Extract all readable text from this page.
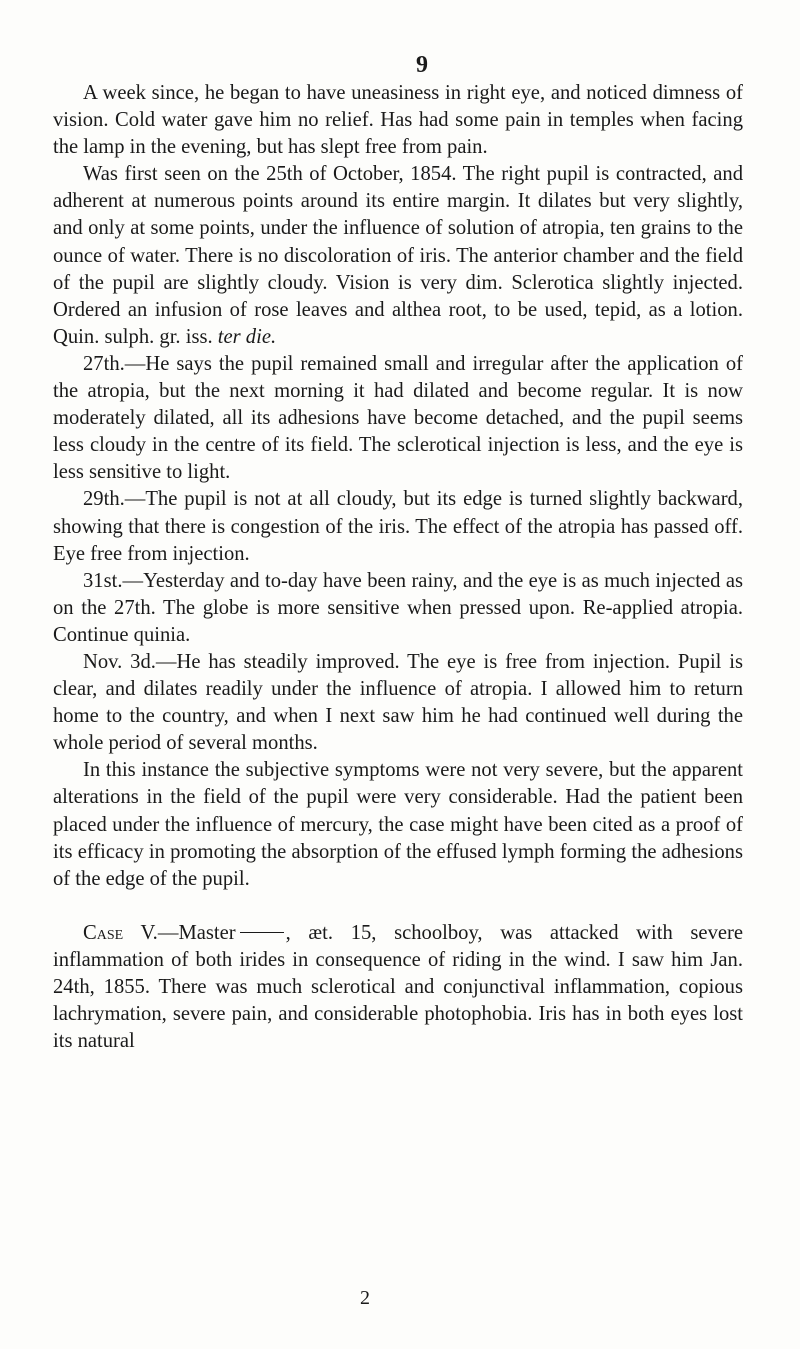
9

A week since, he began to have uneasiness in right eye, and noticed dimness of vision. Cold water gave him no relief. Has had some pain in temples when facing the lamp in the evening, but has slept free from pain.

Was first seen on the 25th of October, 1854. The right pupil is contracted, and adherent at numerous points around its entire margin. It dilates but very slightly, and only at some points, under the influence of solution of atropia, ten grains to the ounce of water. There is no discoloration of iris. The anterior chamber and the field of the pupil are slightly cloudy. Vision is very dim. Sclerotica slightly injected. Ordered an infusion of rose leaves and althea root, to be used, tepid, as a lotion. Quin. sulph. gr. iss. ter die.

27th.—He says the pupil remained small and irregular after the application of the atropia, but the next morning it had dilated and become regular. It is now moderately dilated, all its adhesions have become detached, and the pupil seems less cloudy in the centre of its field. The sclerotical injection is less, and the eye is less sensitive to light.

29th.—The pupil is not at all cloudy, but its edge is turned slightly backward, showing that there is congestion of the iris. The effect of the atropia has passed off. Eye free from injection.

31st.—Yesterday and to-day have been rainy, and the eye is as much injected as on the 27th. The globe is more sensitive when pressed upon. Re-applied atropia. Continue quinia.

Nov. 3d.—He has steadily improved. The eye is free from injection. Pupil is clear, and dilates readily under the influence of atropia. I allowed him to return home to the country, and when I next saw him he had continued well during the whole period of several months.

In this instance the subjective symptoms were not very severe, but the apparent alterations in the field of the pupil were very considerable. Had the patient been placed under the influence of mercury, the case might have been cited as a proof of its efficacy in promoting the absorption of the effused lymph forming the adhesions of the edge of the pupil.

Case V.—Master , æt. 15, schoolboy, was attacked with severe inflammation of both irides in consequence of riding in the wind. I saw him Jan. 24th, 1855. There was much sclerotical and conjunctival inflammation, copious lachrymation, severe pain, and considerable photophobia. Iris has in both eyes lost its natural

2
